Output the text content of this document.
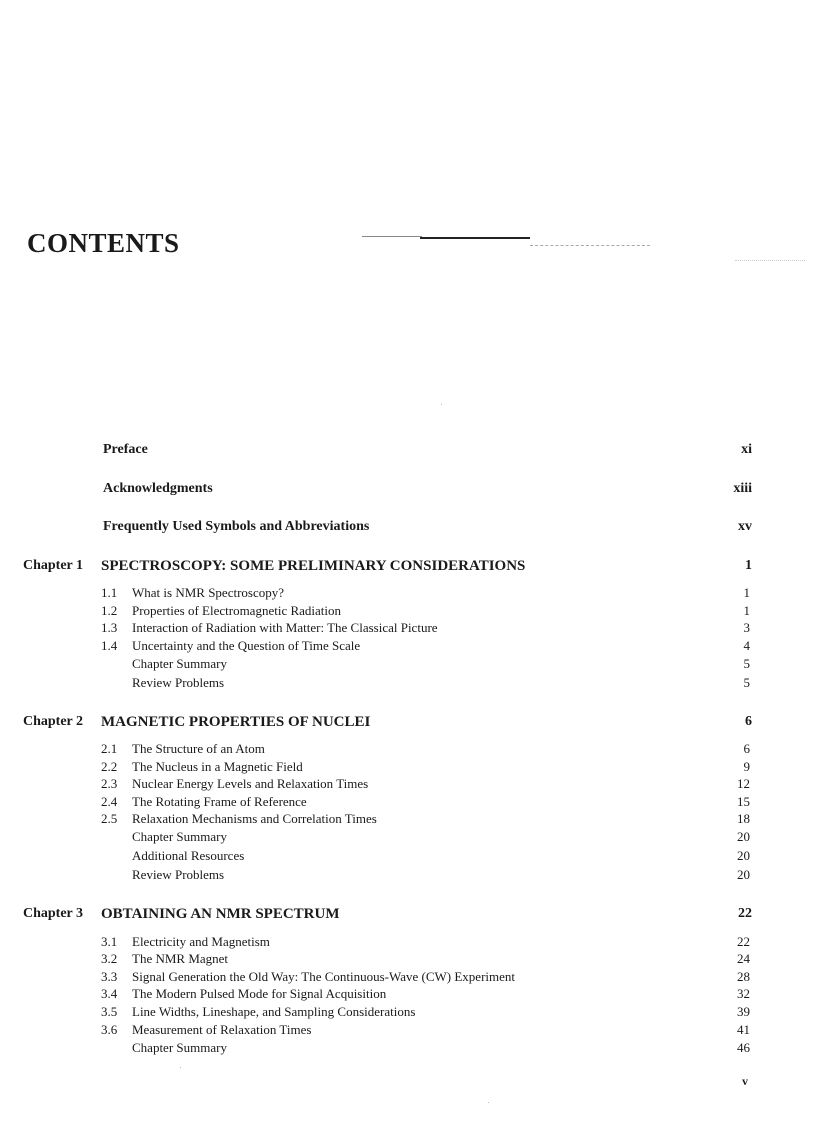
CONTENTS
Preface	xi
Acknowledgments	xiii
Frequently Used Symbols and Abbreviations	xv
Chapter 1 SPECTROSCOPY: SOME PRELIMINARY CONSIDERATIONS	1
1.1 What is NMR Spectroscopy?	1
1.2 Properties of Electromagnetic Radiation	1
1.3 Interaction of Radiation with Matter: The Classical Picture	3
1.4 Uncertainty and the Question of Time Scale	4
Chapter Summary	5
Review Problems	5
Chapter 2 MAGNETIC PROPERTIES OF NUCLEI	6
2.1 The Structure of an Atom	6
2.2 The Nucleus in a Magnetic Field	9
2.3 Nuclear Energy Levels and Relaxation Times	12
2.4 The Rotating Frame of Reference	15
2.5 Relaxation Mechanisms and Correlation Times	18
Chapter Summary	20
Additional Resources	20
Review Problems	20
Chapter 3 OBTAINING AN NMR SPECTRUM	22
3.1 Electricity and Magnetism	22
3.2 The NMR Magnet	24
3.3 Signal Generation the Old Way: The Continuous-Wave (CW) Experiment	28
3.4 The Modern Pulsed Mode for Signal Acquisition	32
3.5 Line Widths, Lineshape, and Sampling Considerations	39
3.6 Measurement of Relaxation Times	41
Chapter Summary	46
v
